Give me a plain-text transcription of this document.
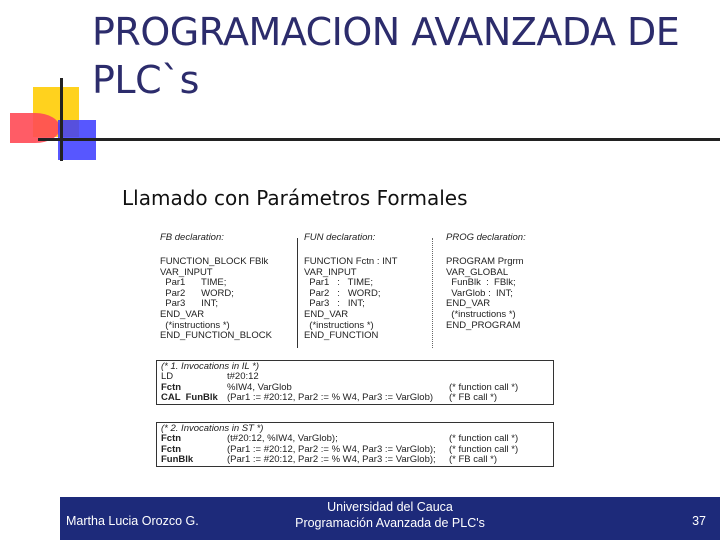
PROGRAMACION AVANZADA DE
PLC`s
Llamado con Parámetros Formales
FB declaration:
FUNCTION_BLOCK FBlk
VAR_INPUT
Par1      TIME;
Par2      WORD;
Par3      INT;
END_VAR
(*instructions *)
END_FUNCTION_BLOCK
FUN declaration:
FUNCTION Fctn : INT
VAR_INPUT
Par1   :   TIME;
Par2   :   WORD;
Par3   :   INT;
END_VAR
(*instructions *)
END_FUNCTION
PROG declaration:
PROGRAM Prgrm
VAR_GLOBAL
FunBlk  :  FBlk;
VarGlob :  INT;
END_VAR
(*instructions *)
END_PROGRAM
(* 1. Invocations in IL *)
LD	t#20:12
Fctn	%IW4, VarGlob	(* function call *)
CAL  FunBlk (Par1 := #20:12, Par2 := % W4, Par3 := VarGlob)	(* FB call *)
(* 2. Invocations in ST *)
Fctn	(t#20:12, %IW4, VarGlob);	(* function call *)
Fctn	(Par1 := #20:12, Par2 := % W4, Par3 := VarGlob);	(* function call *)
FunBlk	(Par1 := #20:12, Par2 := % W4, Par3 := VarGlob);	(* FB call *)
Martha Lucia Orozco G.
Universidad del Cauca
Programación Avanzada de PLC's	37
